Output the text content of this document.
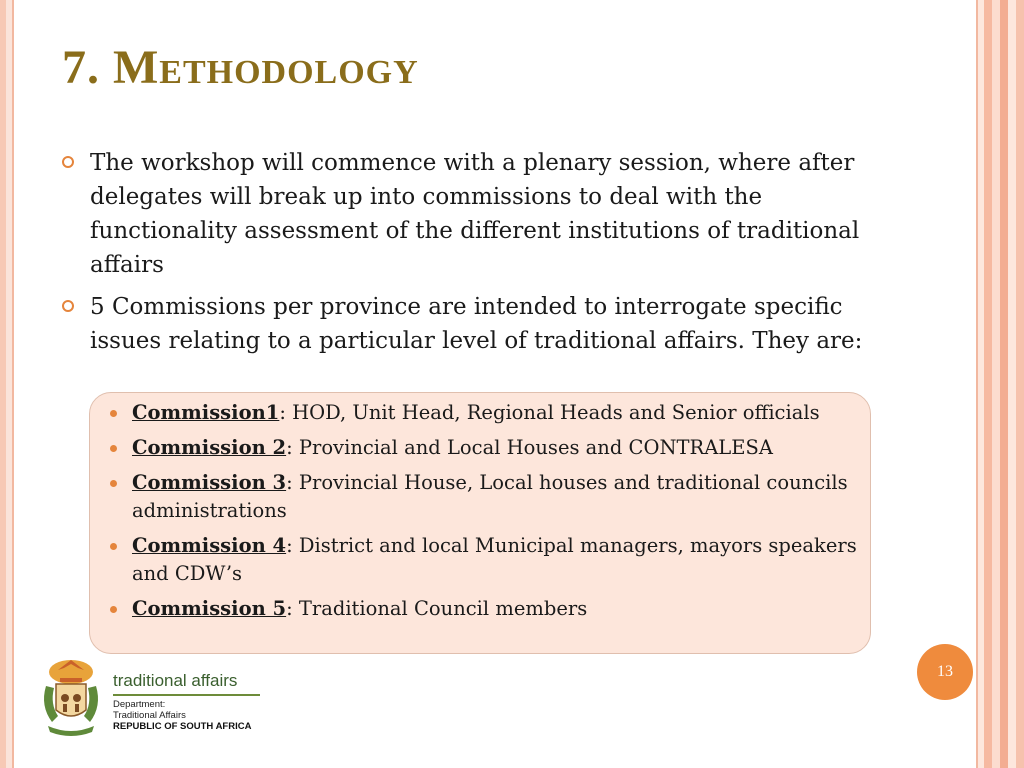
7. Methodology
The workshop will commence with a plenary session, where after delegates will break up into commissions to deal with the functionality assessment of the different institutions of traditional affairs
5 Commissions per province are intended to interrogate specific issues relating to a particular level of traditional affairs. They are:
Commission1: HOD, Unit Head, Regional Heads and Senior officials
Commission 2: Provincial and Local Houses and CONTRALESA
Commission 3: Provincial House, Local houses and traditional councils administrations
Commission 4: District and local Municipal managers, mayors speakers and CDW’s
Commission 5: Traditional Council members
13
traditional affairs
Department:
Traditional Affairs
REPUBLIC OF SOUTH AFRICA
